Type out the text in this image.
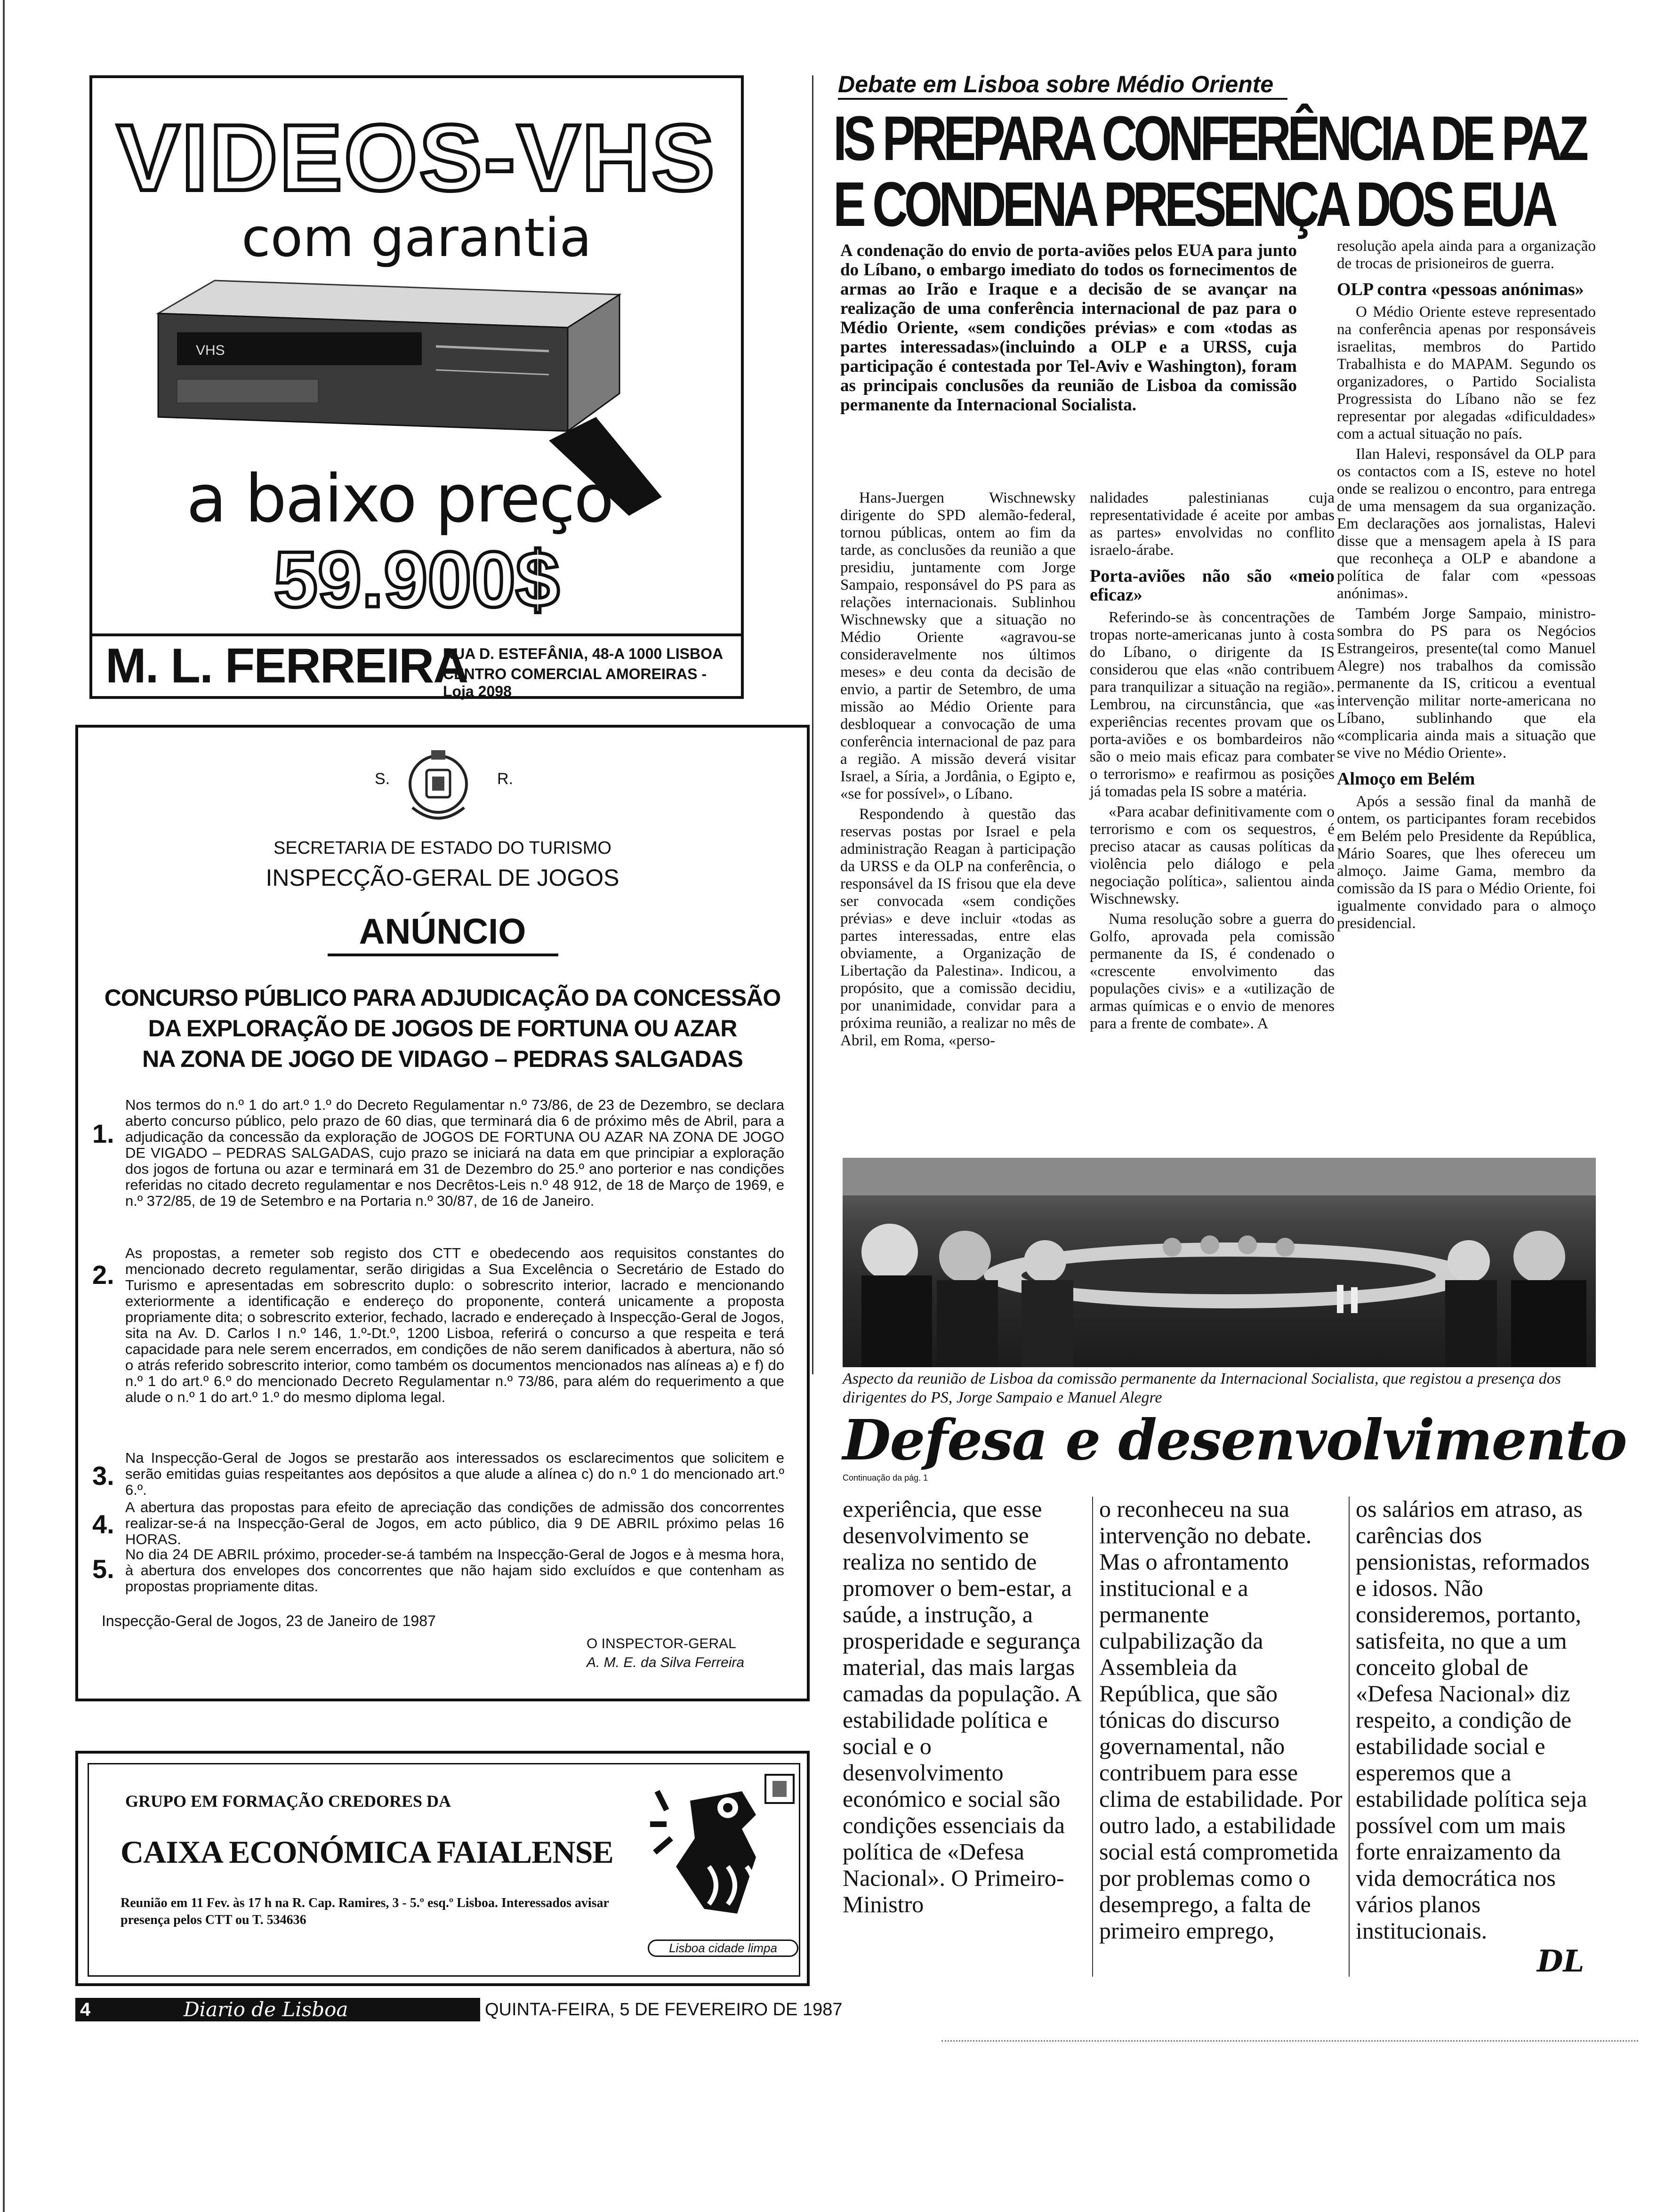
VIDEOS-VHS
com garantia
VHS
a baixo preço
59.900$
M. L. FERREIRA
RUA D. ESTEFÂNIA, 48-A 1000 LISBOA
CENTRO COMERCIAL AMOREIRAS - Loja 2098
S.	R.
SECRETARIA DE ESTADO DO TURISMO
INSPECÇÃO-GERAL DE JOGOS
ANÚNCIO
CONCURSO PÚBLICO PARA ADJUDICAÇÃO DA CONCESSÃO
DA EXPLORAÇÃO DE JOGOS DE FORTUNA OU AZAR
NA ZONA DE JOGO DE VIDAGO – PEDRAS SALGADAS
1.
Nos termos do n.º 1 do art.º 1.º do Decreto Regulamentar n.º 73/86, de 23 de Dezembro, se declara aberto concurso público, pelo prazo de 60 dias, que terminará dia 6 de próximo mês de Abril, para a adjudicação da concessão da exploração de JOGOS DE FORTUNA OU AZAR NA ZONA DE JOGO DE VIGADO – PEDRAS SALGADAS, cujo prazo se iniciará na data em que principiar a exploração dos jogos de fortuna ou azar e terminará em 31 de Dezembro do 25.º ano porterior e nas condições referidas no citado decreto regulamentar e nos Decrêtos-Leis n.º 48 912, de 18 de Março de 1969, e n.º 372/85, de 19 de Setembro e na Portaria n.º 30/87, de 16 de Janeiro.
2.
As propostas, a remeter sob registo dos CTT e obedecendo aos requisitos constantes do mencionado decreto regulamentar, serão dirigidas a Sua Excelência o Secretário de Estado do Turismo e apresentadas em sobrescrito duplo: o sobrescrito interior, lacrado e mencionando exteriormente a identificação e endereço do proponente, conterá unicamente a proposta propriamente dita; o sobrescrito exterior, fechado, lacrado e endereçado à Inspecção-Geral de Jogos, sita na Av. D. Carlos I n.º 146, 1.º-Dt.º, 1200 Lisboa, referirá o concurso a que respeita e terá capacidade para nele serem encerrados, em condições de não serem danificados à abertura, não só o atrás referido sobrescrito interior, como também os documentos mencionados nas alíneas a) e f) do n.º 1 do art.º 6.º do mencionado Decreto Regulamentar n.º 73/86, para além do requerimento a que alude o n.º 1 do art.º 1.º do mesmo diploma legal.
3.
Na Inspecção-Geral de Jogos se prestarão aos interessados os esclarecimentos que solicitem e serão emitidas guias respeitantes aos depósitos a que alude a alínea c) do n.º 1 do mencionado art.º 6.º.
4.
A abertura das propostas para efeito de apreciação das condições de admissão dos concorrentes realizar-se-á na Inspecção-Geral de Jogos, em acto público, dia 9 DE ABRIL próximo pelas 16 HORAS.
5. No dia 24 DE ABRIL próximo, proceder-se-á também na Inspecção-Geral de Jogos e à mesma hora, à abertura dos envelopes dos concorrentes que não hajam sido excluídos e que contenham as propostas propriamente ditas.
Inspecção-Geral de Jogos, 23 de Janeiro de 1987
O INSPECTOR-GERAL
A. M. E. da Silva Ferreira
GRUPO EM FORMAÇÃO CREDORES DA
CAIXA ECONÓMICA FAIALENSE
Reunião em 11 Fev. às 17 h na R. Cap. Ramires, 3 - 5.º esq.º Lisboa. Interessados avisar presença pelos CTT ou T. 534636
Lisboa cidade limpa
4	Diario de Lisboa	QUINTA-FEIRA, 5 DE FEVEREIRO DE 1987
Debate em Lisboa sobre Médio Oriente
IS PREPARA CONFERÊNCIA DE PAZ
E CONDENA PRESENÇA DOS EUA
A condenação do envio de porta-aviões pelos EUA para junto do Líbano, o embargo imediato do todos os fornecimentos de armas ao Irão e Iraque e a decisão de se avançar na realização de uma conferência internacional de paz para o Médio Oriente, «sem condições prévias» e com «todas as partes interessadas»(incluindo a OLP e a URSS, cuja participação é contestada por Tel-Aviv e Washington), foram as principais conclusões da reunião de Lisboa da comissão permanente da Internacional Socialista.

Hans-Juergen Wischnewsky dirigente do SPD alemão-federal, tornou públicas, ontem ao fim da tarde, as conclusões da reunião a que presidiu, juntamente com Jorge Sampaio, responsável do PS para as relações internacionais. Sublinhou Wischnewsky que a situação no Médio Oriente «agravou-se consideravelmente nos últimos meses» e deu conta da decisão de envio, a partir de Setembro, de uma missão ao Médio Oriente para desbloquear a convocação de uma conferência internacional de paz para a região. A missão deverá visitar Israel, a Síria, a Jordânia, o Egipto e, «se for possível», o Líbano.

Respondendo à questão das reservas postas por Israel e pela administração Reagan à participação da URSS e da OLP na conferência, o responsável da IS frisou que ela deve ser convocada «sem condições prévias» e deve incluir «todas as partes interessadas, entre elas obviamente, a Organização de Libertação da Palestina». Indicou, a propósito, que a comissão decidiu, por unanimidade, convidar para a próxima reunião, a realizar no mês de Abril, em Roma, «perso-

nalidades palestinianas cuja representatividade é aceite por ambas as partes» envolvidas no conflito israelo-árabe.

Porta-aviões não são «meio eficaz»

Referindo-se às concentrações de tropas norte-americanas junto à costa do Líbano, o dirigente da IS considerou que elas «não contribuem para tranquilizar a situação na região». Lembrou, na circunstância, que «as experiências recentes provam que os porta-aviões e os bombardeiros não são o meio mais eficaz para combater o terrorismo» e reafirmou as posições já tomadas pela IS sobre a matéria.

«Para acabar definitivamente com o terrorismo e com os sequestros, é preciso atacar as causas políticas da violência pelo diálogo e pela negociação política», salientou ainda Wischnewsky.

Numa resolução sobre a guerra do Golfo, aprovada pela comissão permanente da IS, é condenado o «crescente envolvimento das populações civis» e a «utilização de armas químicas e o envio de menores para a frente de combate». A

resolução apela ainda para a organização de trocas de prisioneiros de guerra.

OLP contra «pessoas anónimas»

O Médio Oriente esteve representado na conferência apenas por responsáveis israelitas, membros do Partido Trabalhista e do MAPAM. Segundo os organizadores, o Partido Socialista Progressista do Líbano não se fez representar por alegadas «dificuldades» com a actual situação no país.

Ilan Halevi, responsável da OLP para os contactos com a IS, esteve no hotel onde se realizou o encontro, para entrega de uma mensagem da sua organização. Em declarações aos jornalistas, Halevi disse que a mensagem apela à IS para que reconheça a OLP e abandone a política de falar com «pessoas anónimas».

Também Jorge Sampaio, ministro-sombra do PS para os Negócios Estrangeiros, presente(tal como Manuel Alegre) nos trabalhos da comissão permanente da IS, criticou a eventual intervenção militar norte-americana no Líbano, sublinhando que ela «complicaria ainda mais a situação que se vive no Médio Oriente».

Almoço em Belém

Após a sessão final da manhã de ontem, os participantes foram recebidos em Belém pelo Presidente da República, Mário Soares, que lhes ofereceu um almoço. Jaime Gama, membro da comissão da IS para o Médio Oriente, foi igualmente convidado para o almoço presidencial.

Aspecto da reunião de Lisboa da comissão permanente da Internacional Socialista, que registou a presença dos dirigentes do PS, Jorge Sampaio e Manuel Alegre
Defesa e desenvolvimento
Continuação da pág. 1

experiência, que esse desenvolvimento se realiza no sentido de promover o bem-estar, a saúde, a instrução, a prosperidade e segurança material, das mais largas camadas da população. A estabilidade política e social e o desenvolvimento económico e social são condições essenciais da política de «Defesa Nacional». O Primeiro-Ministro

o reconheceu na sua intervenção no debate. Mas o afrontamento institucional e a permanente culpabilização da Assembleia da República, que são tónicas do discurso governamental, não contribuem para esse clima de estabilidade. Por outro lado, a estabilidade social está comprometida por problemas como o desemprego, a falta de primeiro emprego,

os salários em atraso, as carências dos pensionistas, reformados e idosos. Não consideremos, portanto, satisfeita, no que a um conceito global de «Defesa Nacional» diz respeito, a condição de estabilidade social e esperemos que a estabilidade política seja possível com um mais forte enraizamento da vida democrática nos vários planos institucionais.

DL
